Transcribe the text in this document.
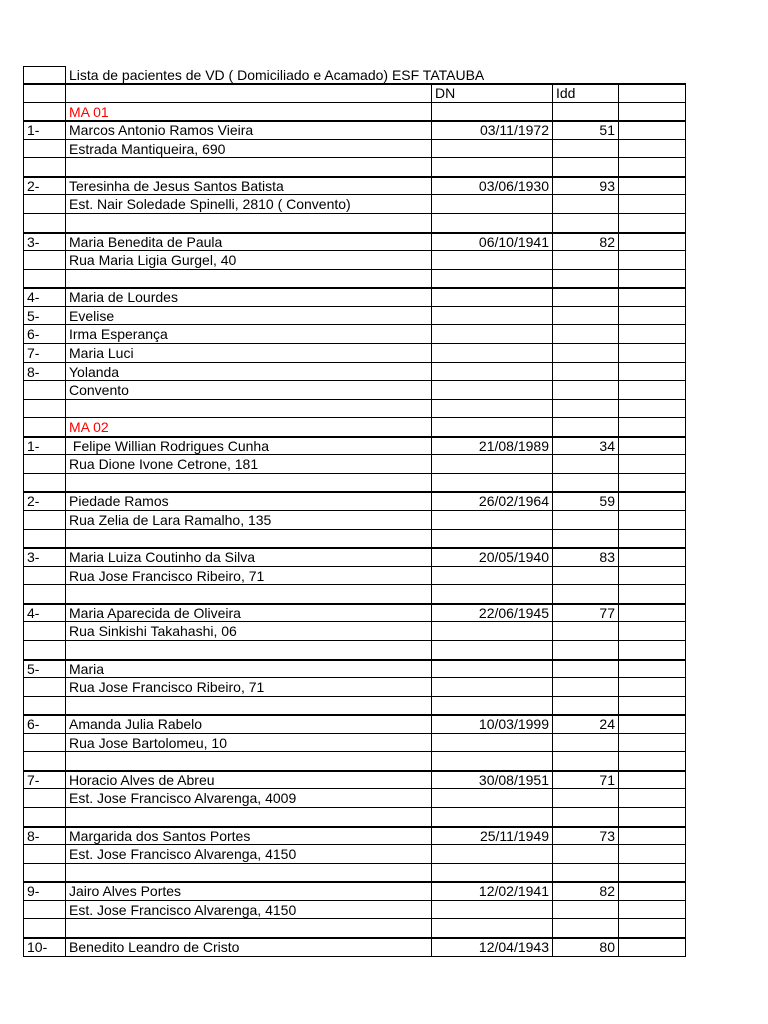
Lista de pacientes de VD ( Domiciliado e Acamado) ESF TATAUBA
DN	Idd
MA 01
1-	Marcos Antonio Ramos Vieira	03/11/1972	51
Estrada Mantiqueira, 690
2-	Teresinha de Jesus Santos Batista	03/06/1930	93
Est. Nair Soledade Spinelli, 2810 ( Convento)
3-	Maria Benedita de Paula	06/10/1941	82
Rua Maria Ligia Gurgel, 40
4-	Maria de Lourdes
5-	Evelise
6-	Irma Esperança
7-	Maria Luci
8-	Yolanda
Convento
MA 02
1-	Felipe Willian Rodrigues Cunha	21/08/1989	34
Rua Dione Ivone Cetrone, 181
2-	Piedade Ramos	26/02/1964	59
Rua Zelia de Lara Ramalho, 135
3-	Maria Luiza Coutinho da Silva	20/05/1940	83
Rua Jose Francisco Ribeiro, 71
4-	Maria Aparecida de Oliveira	22/06/1945	77
Rua Sinkishi Takahashi, 06
5-	Maria
Rua Jose Francisco Ribeiro, 71
6-	Amanda Julia Rabelo	10/03/1999	24
Rua Jose Bartolomeu, 10
7-	Horacio Alves de Abreu	30/08/1951	71
Est. Jose Francisco Alvarenga, 4009
8-	Margarida dos Santos Portes	25/11/1949	73
Est. Jose Francisco Alvarenga, 4150
9-	Jairo Alves Portes	12/02/1941	82
Est. Jose Francisco Alvarenga, 4150
10-	Benedito Leandro de Cristo	12/04/1943	80
